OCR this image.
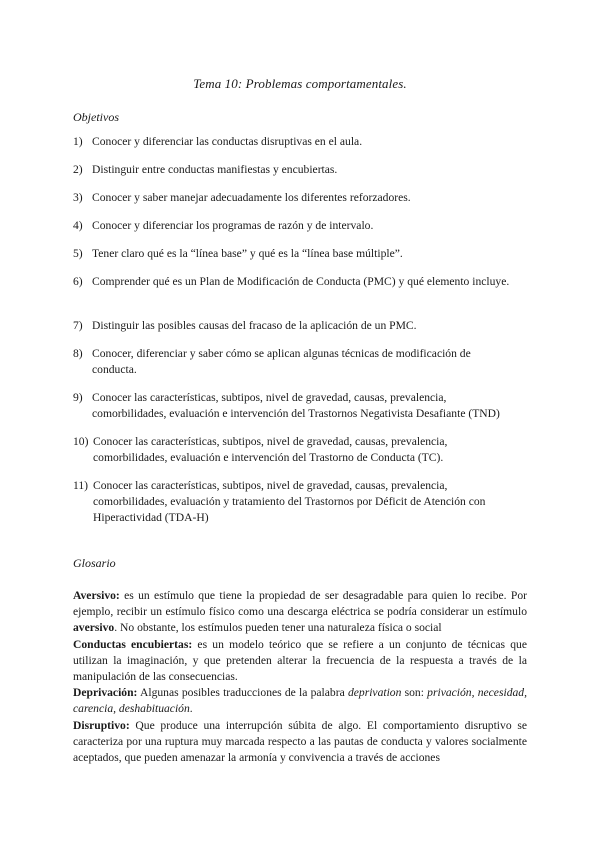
Tema 10: Problemas comportamentales.
Objetivos
1) Conocer y diferenciar las conductas disruptivas en el aula.
2) Distinguir entre conductas manifiestas y encubiertas.
3) Conocer y saber manejar adecuadamente los diferentes reforzadores.
4) Conocer y diferenciar los programas de razón y de intervalo.
5) Tener claro qué es la “línea base” y qué es la “línea base múltiple”.
6) Comprender qué es un Plan de Modificación de Conducta (PMC) y qué elemento incluye.
7) Distinguir las posibles causas del fracaso de la aplicación de un PMC.
8) Conocer, diferenciar y saber cómo se aplican algunas técnicas de modificación de conducta.
9) Conocer las características, subtipos, nivel de gravedad, causas, prevalencia, comorbilidades, evaluación e intervención del Trastornos Negativista Desafiante (TND)
10) Conocer las características, subtipos, nivel de gravedad, causas, prevalencia, comorbilidades, evaluación e intervención del Trastorno de Conducta (TC).
11) Conocer las características, subtipos, nivel de gravedad, causas, prevalencia, comorbilidades, evaluación y tratamiento del Trastornos por Déficit de Atención con Hiperactividad (TDA-H)
Glosario

Aversivo: es un estímulo que tiene la propiedad de ser desagradable para quien lo recibe. Por ejemplo, recibir un estímulo físico como una descarga eléctrica se podría considerar un estímulo aversivo. No obstante, los estímulos pueden tener una naturaleza física o social

Conductas encubiertas: es un modelo teórico que se refiere a un conjunto de técnicas que utilizan la imaginación, y que pretenden alterar la frecuencia de la respuesta a través de la manipulación de las consecuencias.

Deprivación: Algunas posibles traducciones de la palabra deprivation son: privación, necesidad, carencia, deshabituación.

Disruptivo: Que produce una interrupción súbita de algo. El comportamiento disruptivo se caracteriza por una ruptura muy marcada respecto a las pautas de conducta y valores socialmente aceptados, que pueden amenazar la armonía y convivencia a través de acciones
